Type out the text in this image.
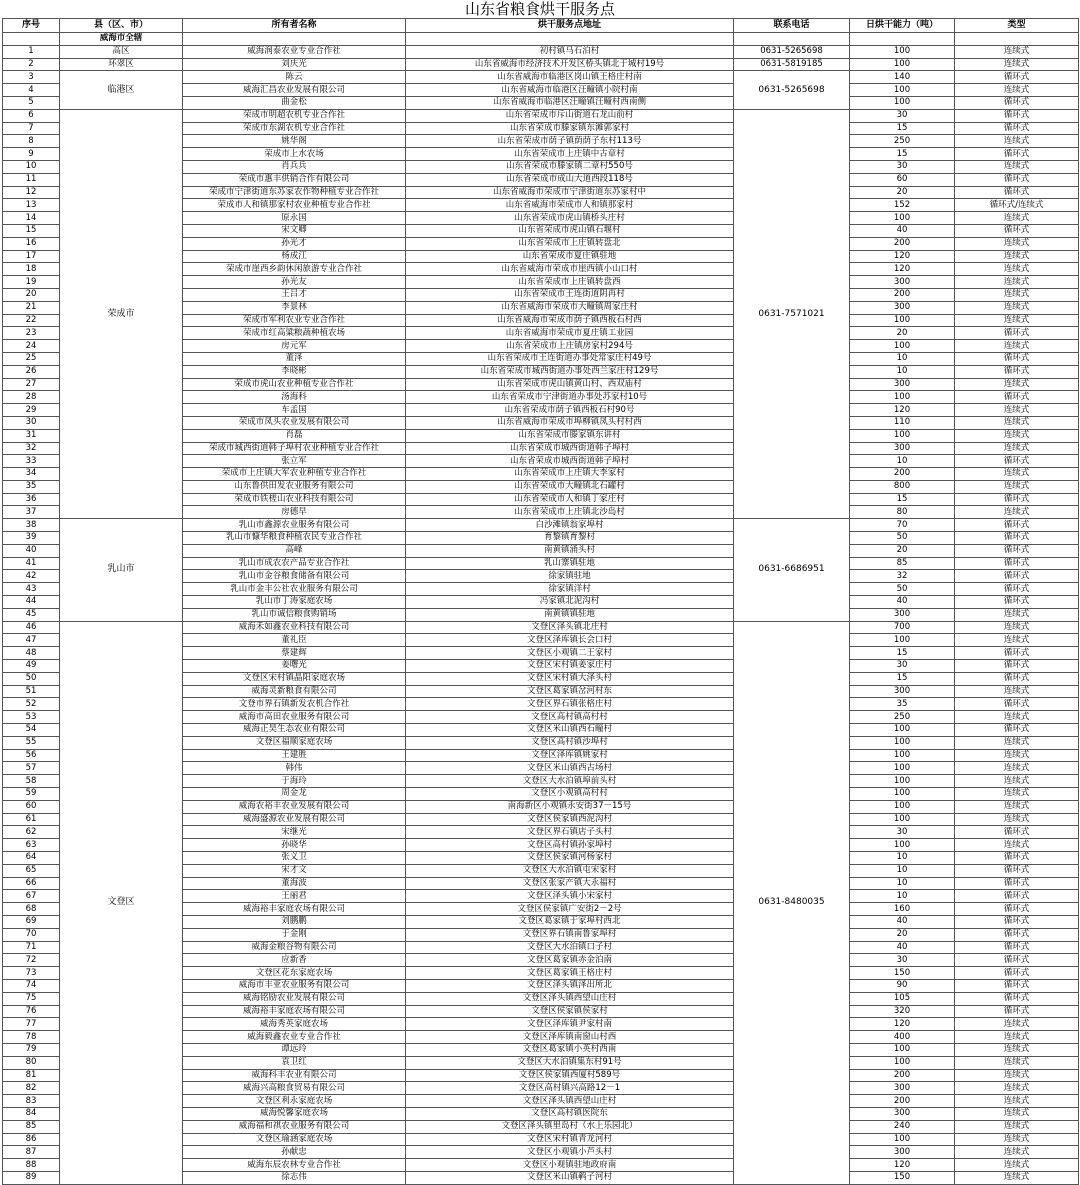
山东省粮食烘干服务点
序号	县（区、市）	所有者名称	烘干服务点地址	联系电话	日烘干能力（吨）	类型
	威海市全辖					
1	高区	威海润泰农业专业合作社	初村镇马石泊村	0631-5265698	100	连续式
2	环翠区	刘庆光	山东省威海市经济技术开发区桥头镇北于城村19号	0631-5819185	100	连续式
3	临港区	陈云	山东省威海市临港区岗山镇王格庄村南	0631-5265698	140	循环式
4		威海汇昌农业发展有限公司	山东省威海市临港区汪疃镇小院村南		100	连续式
5		曲金松	山东省威海市临港区汪疃镇汪疃村西南侧		100	循环式
6	荣成市	荣成市明超农机专业合作社	山东省荣成市斥山街道石龙山前村	0631-7571021	30	循环式
7		荣成市东湖农机专业合作社	山东省荣成市滕家镇东滩郭家村		15	循环式
8		姚华阁	山东省荣成市荫子镇荫荫子东村113号		250	连续式
9		荣成市上水农场	山东省荣成市上庄镇中古章村		15	循环式
10		肖兵兵	山东省荣成市滕家镇二章村550号		30	连续式
11		荣成市惠丰供销合作有限公司	山东省荣成市成山大道西段118号		60	循环式
12		荣成市宁津街道东苏家农作物种植专业合作社	山东省威海市荣成市宁津街道东苏家村中		20	循环式
13		荣成市人和镇那家村农业种植专业合作社	山东省威海市荣成市人和镇那家村		152	循环式/连续式
14		原永国	山东省荣成市虎山镇桥头庄村		100	连续式
15		宋文卿	山东省荣成市虎山镇石堰村		40	循环式
16		孙光才	山东省荣成市上庄镇转盘北		200	连续式
17		杨成江	山东省荣成市夏庄镇驻地		120	连续式
18		荣成市崖西乡韵休闲旅游专业合作社	山东省威海市荣成市崖西镇小山口村		120	连续式
19		孙光友	山东省荣成市上庄镇转盘西		300	连续式
20		王吕才	山东省荣成市王连街道阴再村		200	连续式
21		李景林	山东省威海市荣成市大疃镇周家庄村		300	连续式
22		荣成市军利农业专业合作社	山东省威海市荣成市荫子镇西板石村西		100	连续式
23		荣成市红高粱粮蔬种植农场	山东省威海市荣成市夏庄镇工业园		20	循环式
24		房元军	山东省荣成市上庄镇房家村294号		100	连续式
25		董泽	山东省荣成市王连街道办事处常家庄村49号		10	循环式
26		李晓彬	山东省荣成市城西街道办事处西兰家庄村129号		10	循环式
27		荣成市虎山农业种植专业合作社	山东省荣成市虎山镇黄山村、西双庙村		300	连续式
28		汤海科	山东省荣成市宁津街道办事处苏家村10号		100	循环式
29		车孟国	山东省荣成市荫子镇西板石村90号		120	连续式
30		荣成市凤头农业发展有限公司	山东省威海市荣成市埠柳镇凤头村村西		110	连续式
31		肖磊	山东省荣成市滕家镇东讲村		100	连续式
32		荣成市城西街道韩子埠村农业种植专业合作社	山东省荣成市城西街道韩子埠村		300	连续式
33		张立军	山东省荣成市城西街道韩子埠村		10	循环式
34		荣成市上庄镇大军农业种植专业合作社	山东省荣成市上庄镇大李家村		200	连续式
35		山东鲁供田发农业服务有限公司	山东省荣成市大疃镇北石罐村		800	连续式
36		荣成市铁槎山农业科技有限公司	山东省荣成市人和镇丁家庄村		15	循环式
37		房德早	山东省荣成市上庄镇北沙岛村		80	连续式
38	乳山市	乳山市鑫源农业服务有限公司	白沙滩镇翁家埠村	0631-6686951	70	循环式
39		乳山市慷华粮食种植农民专业合作社	育黎镇育黎村		50	循环式
40		高峰	南黄镇涌头村		20	循环式
41		乳山市成农农产品专业合作社	乳山寨镇驻地		85	循环式
42		乳山市金谷粮食储备有限公司	徐家镇驻地		32	循环式
43		乳山市金丰公社农业服务有限公司	徐家镇洋村		50	循环式
44		乳山市丁涛家庭农场	冯家镇北泥沟村		40	循环式
45		乳山市诚信粮食购销场	南黄镇镇驻地		300	连续式
46	文登区	威海禾如鑫农业科技有限公司	文登区泽头镇北庄村	0631-8480035	700	连续式
47		董礼臣	文登区泽库镇长会口村		100	连续式
48		蔡建辉	文登区小观镇二王家村		15	循环式
49		姜曙光	文登区宋村镇姜家庄村		30	循环式
50		文登区宋村镇晶阳家庭农场	文登区宋村镇大泽头村		15	循环式
51		威海灵新粮食有限公司	文登区葛家镇岔河村东		300	连续式
52		文登市界石镇新发农机合作社	文登区界石镇张格庄村		35	循环式
53		威海市高田农业服务有限公司	文登区高村镇高村村		250	连续式
54		威海正昊生态农业有限公司	文登区米山镇西石疃村		100	循环式
55		文登区福顺家庭农场	文登区高村镇沙埠村		100	连续式
56		王建胜	文登区泽库镇姚家村		100	连续式
57		韩伟	文登区米山镇西古场村		100	连续式
58		于海玲	文登区大水泊镇埠前头村		100	连续式
59		周金龙	文登区小观镇高村村		100	连续式
60		威海农裕丰农业发展有限公司	南海新区小观镇永安街37－15号		100	连续式
61		威海盛源农业发展有限公司	文登区侯家镇西泥沟村		100	连续式
62		宋继光	文登区界石镇店子头村		30	循环式
63		孙晓华	文登区高村镇孙家埠村		100	连续式
64		张义卫	文登区侯家镇河杨家村		10	循环式
65		宋才文	文登区大水泊镇屯宋家村		10	循环式
66		董海波	文登区张家产镇大永福村		10	循环式
67		王丽君	文登区泽头镇小宋家村		10	循环式
68		威海裕丰家庭农场有限公司	文登区侯家镇广安街2－2号		160	循环式
69		刘鹏鹏	文登区葛家镇于家埠村西北		40	循环式
70		于金刚	文登区界石镇南鲁家埠村		20	循环式
71		威海金粮谷物有限公司	文登区大水泊镇口子村		40	循环式
72		应新香	文登区葛家镇赤金泊南		30	循环式
73		文登区花东家庭农场	文登区葛家镇王格庄村		150	循环式
74		威海市丰亚农业服务有限公司	文登区泽头镇泽出所北		90	循环式
75		威海铭励农业发展有限公司	文登区泽头镇西望山庄村		105	循环式
76		威海裕丰家庭农场有限公司	文登区侯家镇侯家村		320	循环式
77		威海秀英家庭农场	文登区泽库镇尹家村南		120	连续式
78		威海毅鑫农业专业合作社	文登区泽库镇南窗山村西		400	连续式
79		谭远玲	文登区葛家镇小英村西南		100	连续式
80		袁卫红	文登区大水泊镇集东村91号		100	连续式
81		威海科丰农业有限公司	文登区侯家镇西厦村589号		200	连续式
82		威海兴高粮食贸易有限公司	文登区高村镇兴高路12－1		300	连续式
83		文登区利永家庭农场	文登区泽头镇西望山庄村		200	连续式
84		威海悦馨家庭农场	文登区高村镇医院东		300	连续式
85		威海福和祺农业服务有限公司	文登区泽头镇里岛村（水上乐园北）		240	连续式
86		文登区瑜涵家庭农场	文登区宋村镇青龙河村		100	连续式
87		孙献忠	文登区小观镇小芦头村		300	连续式
88		威海东辰农林专业合作社	文登区小观镇驻地政府南		120	连续式
89		徐志伟	文登区米山镇鹌子河村		150	连续式
